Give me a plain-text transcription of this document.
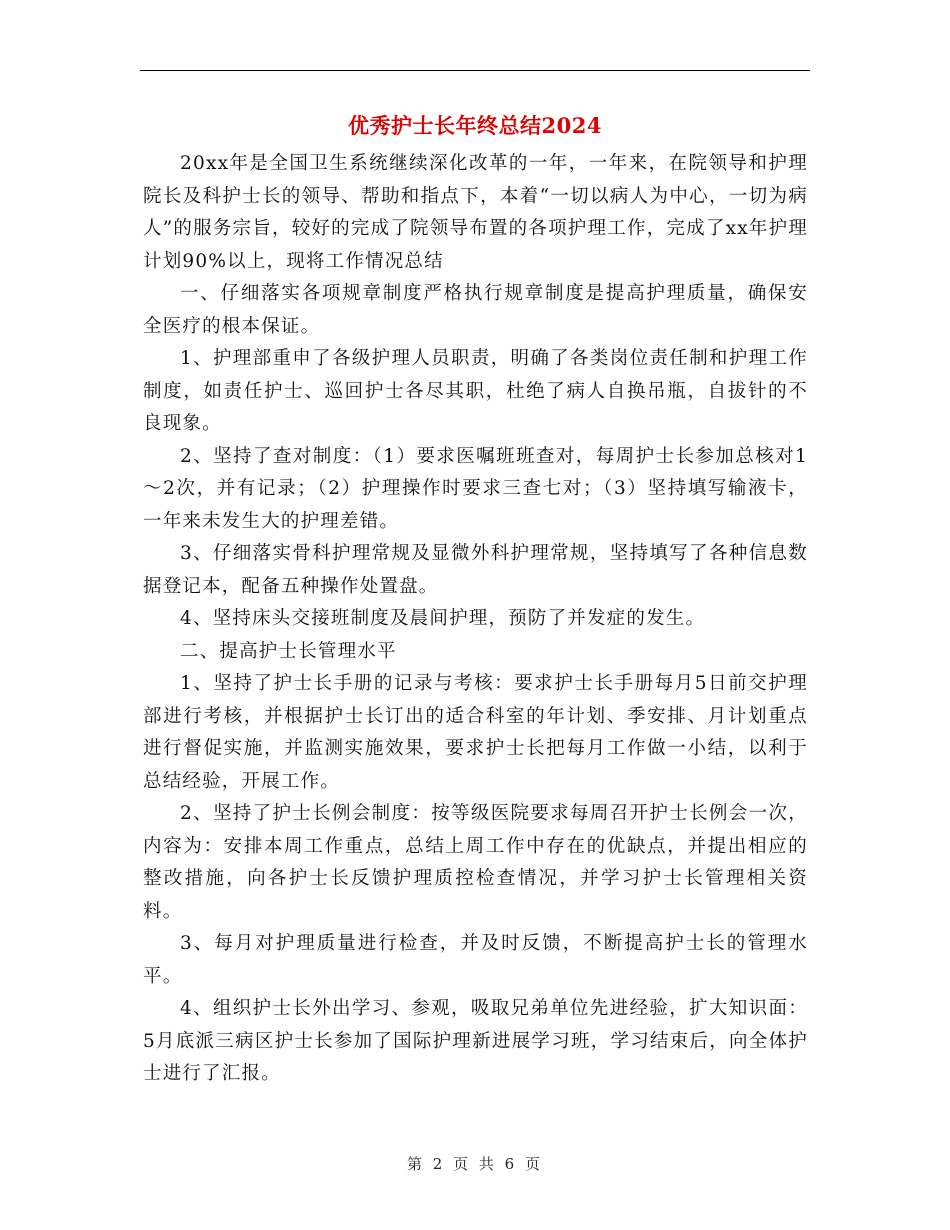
优秀护士长年终总结2024

20xx年是全国卫生系统继续深化改革的一年，一年来，在院领导和护理院长及科护士长的领导、帮助和指点下，本着“一切以病人为中心，一切为病人”的服务宗旨，较好的完成了院领导布置的各项护理工作，完成了xx年护理计划90%以上，现将工作情况总结

一、仔细落实各项规章制度严格执行规章制度是提高护理质量，确保安全医疗的根本保证。

1、护理部重申了各级护理人员职责，明确了各类岗位责任制和护理工作制度，如责任护士、巡回护士各尽其职，杜绝了病人自换吊瓶，自拔针的不良现象。

2、坚持了查对制度：（1）要求医嘱班班查对，每周护士长参加总核对1～2次，并有记录；（2）护理操作时要求三查七对；（3）坚持填写输液卡，一年来未发生大的护理差错。

3、仔细落实骨科护理常规及显微外科护理常规，坚持填写了各种信息数据登记本，配备五种操作处置盘。

4、坚持床头交接班制度及晨间护理，预防了并发症的发生。

二、提高护士长管理水平

1、坚持了护士长手册的记录与考核：要求护士长手册每月5日前交护理部进行考核，并根据护士长订出的适合科室的年计划、季安排、月计划重点进行督促实施，并监测实施效果，要求护士长把每月工作做一小结，以利于总结经验，开展工作。

2、坚持了护士长例会制度：按等级医院要求每周召开护士长例会一次，内容为：安排本周工作重点，总结上周工作中存在的优缺点，并提出相应的整改措施，向各护士长反馈护理质控检查情况，并学习护士长管理相关资料。

3、每月对护理质量进行检查，并及时反馈，不断提高护士长的管理水平。

4、组织护士长外出学习、参观，吸取兄弟单位先进经验，扩大知识面：5月底派三病区护士长参加了国际护理新进展学习班，学习结束后，向全体护士进行了汇报。

第 2 页 共 6 页
